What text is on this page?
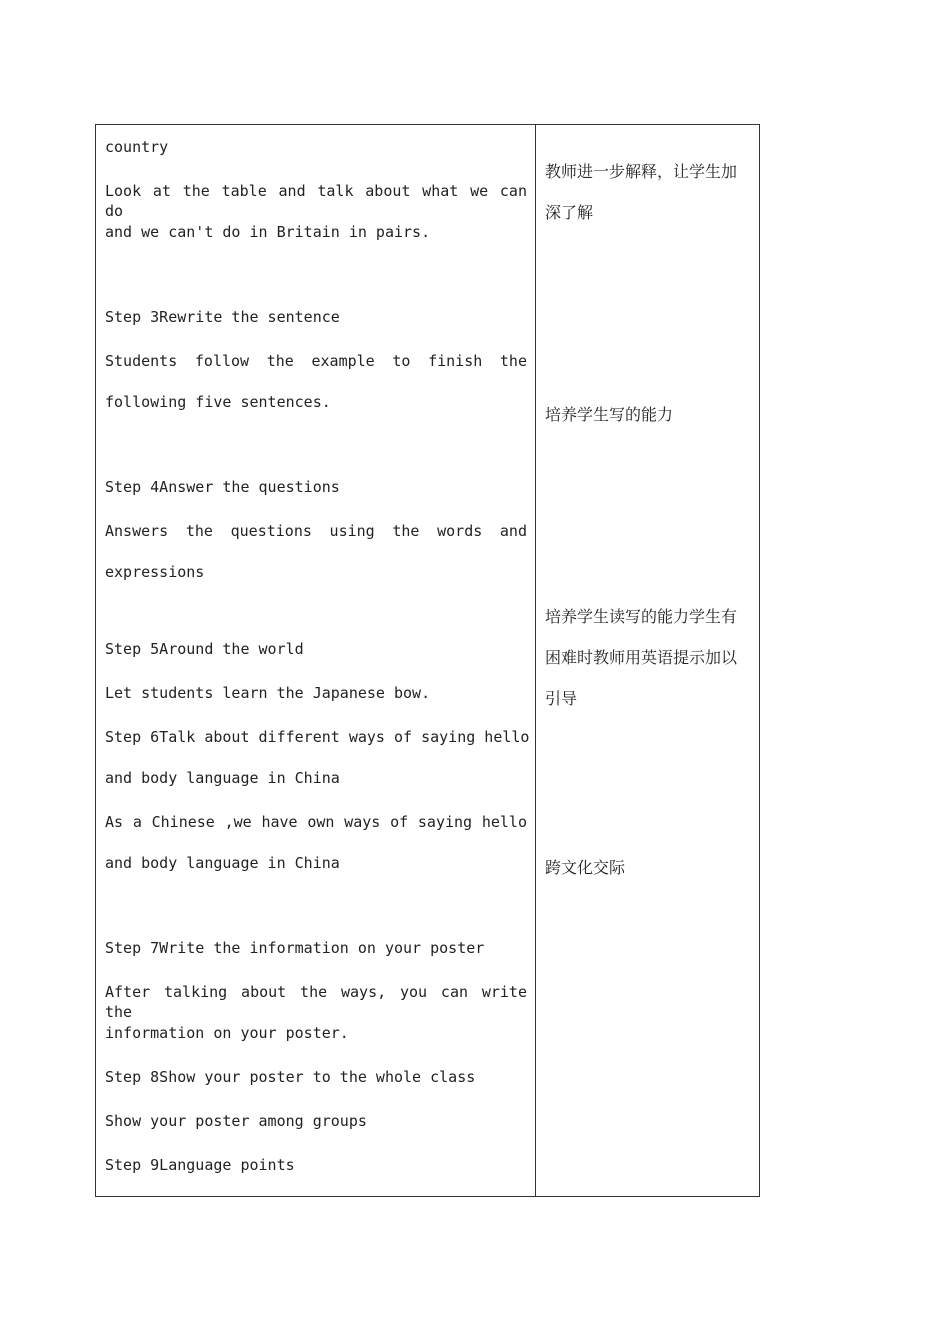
country
Look at the table and talk about what we can do
and we can't do in Britain in pairs.
Step 3Rewrite the sentence
Students follow the example to finish the
following five sentences.
Step 4Answer the questions
Answers the questions using the words and
expressions
Step 5Around the world
Let students learn the Japanese bow.
Step 6Talk about different ways of saying hello
and body language in China
As a Chinese ,we have own ways of saying hello
and body language in China
Step 7Write the information on your poster
After talking about the ways, you can write the
information on your poster.
Step 8Show your poster to the whole class
Show your poster among groups
Step 9Language points
教师进一步解释，让学生加
深了解
培养学生写的能力
培养学生读写的能力学生有
困难时教师用英语提示加以
引导
跨文化交际
